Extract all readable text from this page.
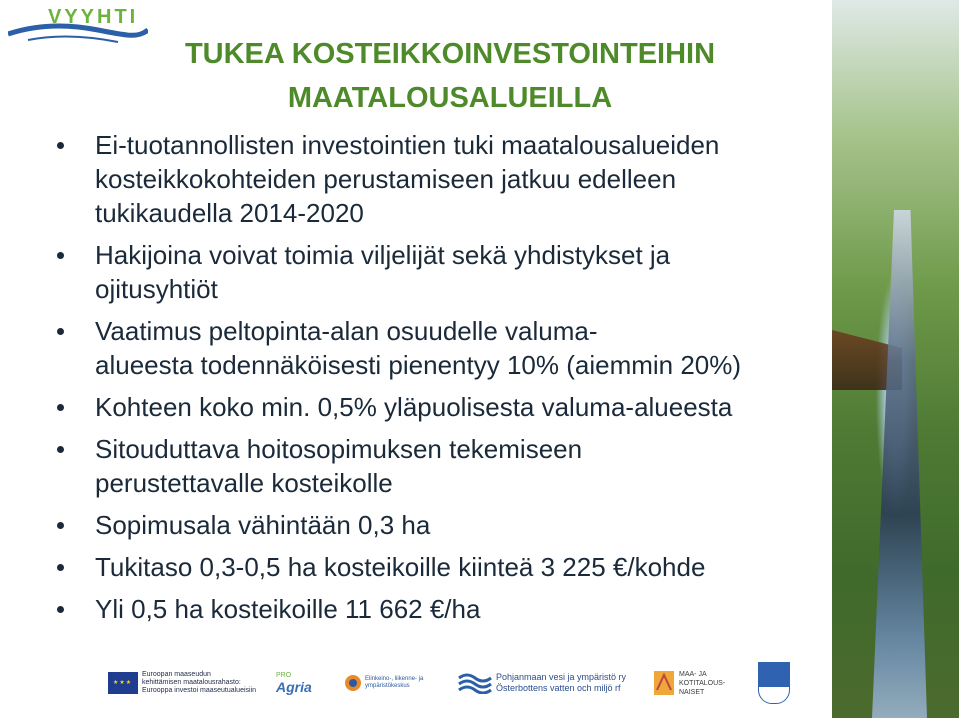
VYYHTI
TUKEA KOSTEIKKOINVESTOINTEIHIN
MAATALOUSALUEILLA
Ei-tuotannollisten investointien tuki maatalousalueiden
kosteikkokohteiden perustamiseen jatkuu edelleen
tukikaudella 2014-2020
Hakijoina voivat toimia viljelijät sekä yhdistykset ja
ojitusyhtiöt
Vaatimus peltopinta-alan osuudelle valuma-
alueesta todennäköisesti pienentyy 10% (aiemmin 20%)
Kohteen koko min. 0,5% yläpuolisesta valuma-alueesta
Sitouduttava hoitosopimuksen tekemiseen
perustettavalle kosteikolle
Sopimusala vähintään 0,3 ha
Tukitaso 0,3-0,5 ha kosteikoille kiinteä 3 225 €/kohde
Yli 0,5 ha kosteikoille 11 662 €/ha
★★★
Euroopan maaseudun
kehittämisen maatalousrahasto:
Eurooppa investoi maaseutualueisiin
PRO
Agria	Elinkeino-, liikenne- ja
ympäristökeskus
Pohjanmaan vesi ja ympäristö ry
Österbottens vatten och miljö rf
MAA- JA
KOTITALOUS-
NAISET
